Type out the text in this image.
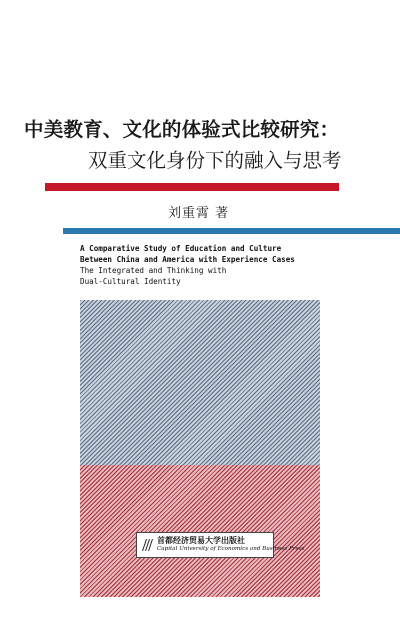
中美教育、文化的体验式比较研究：
双重文化身份下的融入与思考
刘重霄 著
A Comparative Study of Education and Culture
Between China and America with Experience Cases
The Integrated and Thinking with
Dual-Cultural Identity
首都经济贸易大学出版社
Capital University of Economics and Business Press
